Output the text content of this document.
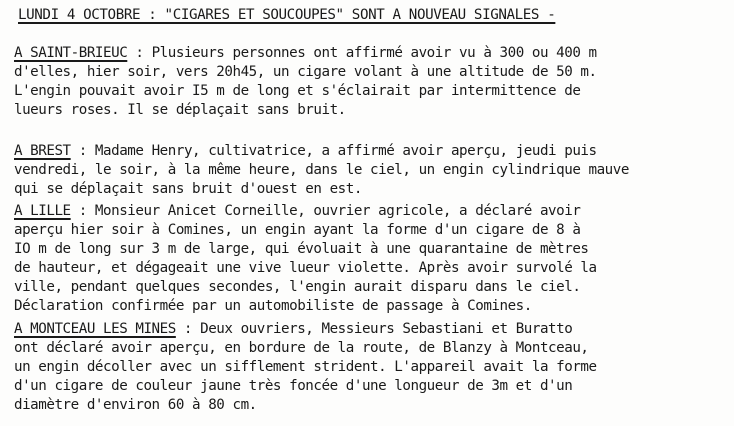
LUNDI 4 OCTOBRE : "CIGARES ET SOUCOUPES" SONT A NOUVEAU SIGNALES -
A SAINT-BRIEUC : Plusieurs personnes ont affirmé avoir vu à 300 ou 400 m
d'elles, hier soir, vers 20h45, un cigare volant à une altitude de 50 m.
L'engin pouvait avoir I5 m de long et s'éclairait par intermittence de
lueurs roses. Il se déplaçait sans bruit.
A BREST : Madame Henry, cultivatrice, a affirmé avoir aperçu, jeudi puis
vendredi, le soir, à la même heure, dans le ciel, un engin cylindrique mauve
qui se déplaçait sans bruit d'ouest en est.
A LILLE : Monsieur Anicet Corneille, ouvrier agricole, a déclaré avoir
aperçu hier soir à Comines, un engin ayant la forme d'un cigare de 8 à
IO m de long sur 3 m de large, qui évoluait à une quarantaine de mètres
de hauteur, et dégageait une vive lueur violette. Après avoir survolé la
ville, pendant quelques secondes, l'engin aurait disparu dans le ciel.
Déclaration confirmée par un automobiliste de passage à Comines.
A MONTCEAU LES MINES : Deux ouvriers, Messieurs Sebastiani et Buratto
ont déclaré avoir aperçu, en bordure de la route, de Blanzy à Montceau,
un engin décoller avec un sifflement strident. L'appareil avait la forme
d'un cigare de couleur jaune très foncée d'une longueur de 3m et d'un
diamètre d'environ 60 à 80 cm.
